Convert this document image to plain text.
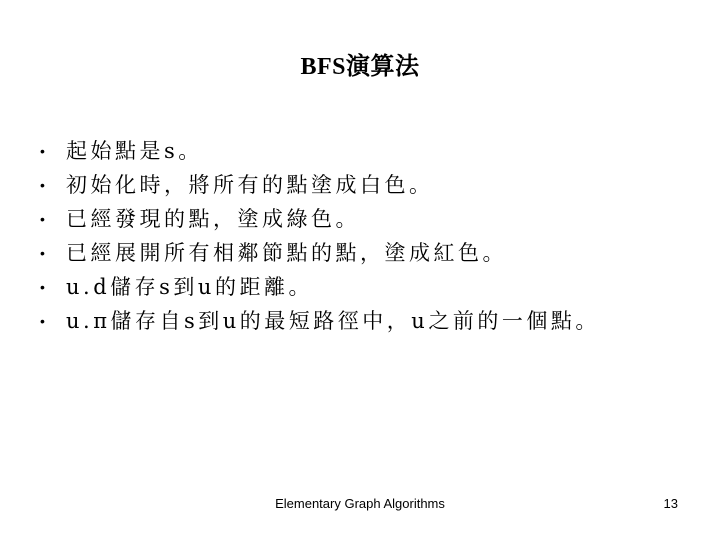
BFS演算法
•	起始點是s。
•	初始化時，將所有的點塗成白色。
•	已經發現的點，塗成綠色。
•	已經展開所有相鄰節點的點，塗成紅色。
•	u.d儲存s到u的距離。
•	u.π儲存自s到u的最短路徑中，u之前的一個點。
Elementary Graph Algorithms	13
